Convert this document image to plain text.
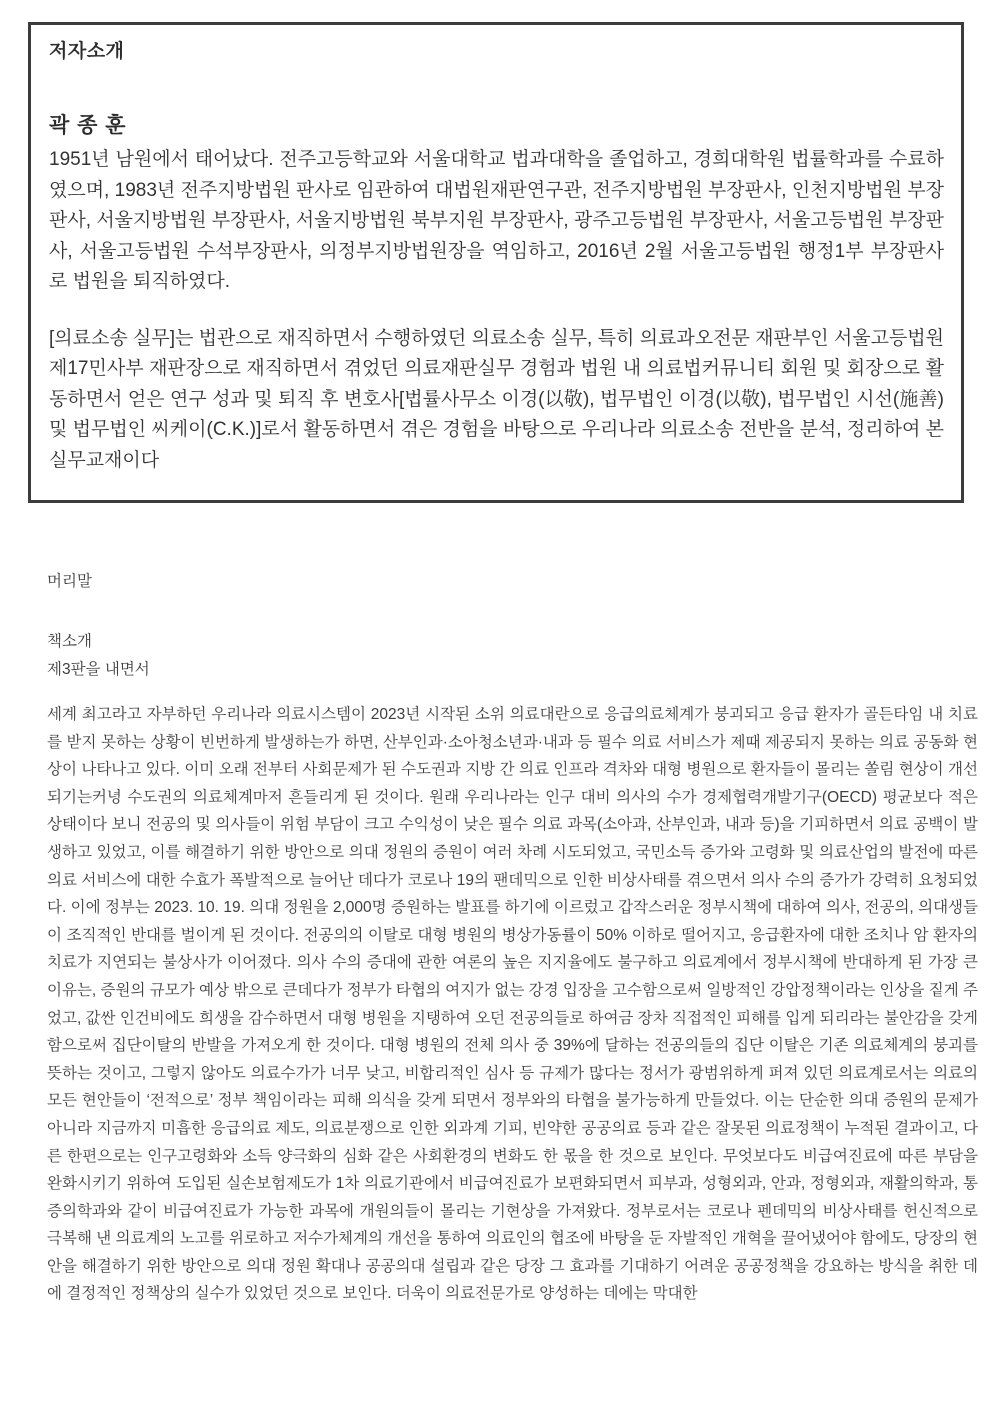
저자소개
곽 종 훈

1951년 남원에서 태어났다. 전주고등학교와 서울대학교 법과대학을 졸업하고, 경희대학원 법률학과를 수료하였으며, 1983년 전주지방법원 판사로 임관하여 대법원재판연구관, 전주지방법원 부장판사, 인천지방법원 부장판사, 서울지방법원 부장판사, 서울지방법원 북부지원 부장판사, 광주고등법원 부장판사, 서울고등법원 부장판사, 서울고등법원 수석부장판사, 의정부지방법원장을 역임하고, 2016년 2월 서울고등법원 행정1부 부장판사로 법원을 퇴직하였다.

[의료소송 실무]는 법관으로 재직하면서 수행하였던 의료소송 실무, 특히 의료과오전문 재판부인 서울고등법원 제17민사부 재판장으로 재직하면서 겪었던 의료재판실무 경험과 법원 내 의료법커뮤니티 회원 및 회장으로 활동하면서 얻은 연구 성과 및 퇴직 후 변호사[법률사무소 이경(以敬), 법무법인 이경(以敬), 법무법인 시선(施善) 및 법무법인 씨케이(C.K.)]로서 활동하면서 겪은 경험을 바탕으로 우리나라 의료소송 전반을 분석, 정리하여 본 실무교재이다

머리말
책소개
제3판을 내면서

세계 최고라고 자부하던 우리나라 의료시스템이 2023년 시작된 소위 의료대란으로 응급의료체계가 붕괴되고 응급 환자가 골든타임 내 치료를 받지 못하는 상황이 빈번하게 발생하는가 하면, 산부인과·소아청소년과·내과 등 필수 의료 서비스가 제때 제공되지 못하는 의료 공동화 현상이 나타나고 있다. 이미 오래 전부터 사회문제가 된 수도권과 지방 간 의료 인프라 격차와 대형 병원으로 환자들이 몰리는 쏠림 현상이 개선되기는커녕 수도권의 의료체계마저 흔들리게 된 것이다. 원래 우리나라는 인구 대비 의사의 수가 경제협력개발기구(OECD) 평균보다 적은 상태이다 보니 전공의 및 의사들이 위험 부담이 크고 수익성이 낮은 필수 의료 과목(소아과, 산부인과, 내과 등)을 기피하면서 의료 공백이 발생하고 있었고, 이를 해결하기 위한 방안으로 의대 정원의 증원이 여러 차례 시도되었고, 국민소득 증가와 고령화 및 의료산업의 발전에 따른 의료 서비스에 대한 수효가 폭발적으로 늘어난 데다가 코로나 19의 팬데믹으로 인한 비상사태를 겪으면서 의사 수의 증가가 강력히 요청되었다. 이에 정부는 2023. 10. 19. 의대 정원을 2,000명 증원하는 발표를 하기에 이르렀고 갑작스러운 정부시책에 대하여 의사, 전공의, 의대생들이 조직적인 반대를 벌이게 된 것이다. 전공의의 이탈로 대형 병원의 병상가동률이 50% 이하로 떨어지고, 응급환자에 대한 조치나 암 환자의 치료가 지연되는 불상사가 이어졌다. 의사 수의 증대에 관한 여론의 높은 지지율에도 불구하고 의료계에서 정부시책에 반대하게 된 가장 큰 이유는, 증원의 규모가 예상 밖으로 큰데다가 정부가 타협의 여지가 없는 강경 입장을 고수함으로써 일방적인 강압정책이라는 인상을 짙게 주었고, 값싼 인건비에도 희생을 감수하면서 대형 병원을 지탱하여 오던 전공의들로 하여금 장차 직접적인 피해를 입게 되리라는 불안감을 갖게 함으로써 집단이탈의 반발을 가져오게 한 것이다. 대형 병원의 전체 의사 중 39%에 달하는 전공의들의 집단 이탈은 기존 의료체계의 붕괴를 뜻하는 것이고, 그렇지 않아도 의료수가가 너무 낮고, 비합리적인 심사 등 규제가 많다는 정서가 광범위하게 퍼져 있던 의료계로서는 의료의 모든 현안들이 ‘전적으로’ 정부 책임이라는 피해 의식을 갖게 되면서 정부와의 타협을 불가능하게 만들었다. 이는 단순한 의대 증원의 문제가 아니라 지금까지 미흡한 응급의료 제도, 의료분쟁으로 인한 외과계 기피, 빈약한 공공의료 등과 같은 잘못된 의료정책이 누적된 결과이고, 다른 한편으로는 인구고령화와 소득 양극화의 심화 같은 사회환경의 변화도 한 몫을 한 것으로 보인다. 무엇보다도 비급여진료에 따른 부담을 완화시키기 위하여 도입된 실손보험제도가 1차 의료기관에서 비급여진료가 보편화되면서 피부과, 성형외과, 안과, 정형외과, 재활의학과, 통증의학과와 같이 비급여진료가 가능한 과목에 개원의들이 몰리는 기현상을 가져왔다. 정부로서는 코로나 펜데믹의 비상사태를 헌신적으로 극복해 낸 의료계의 노고를 위로하고 저수가체계의 개선을 통하여 의료인의 협조에 바탕을 둔 자발적인 개혁을 끌어냈어야 함에도, 당장의 현안을 해결하기 위한 방안으로 의대 정원 확대나 공공의대 설립과 같은 당장 그 효과를 기대하기 어려운 공공정책을 강요하는 방식을 취한 데에 결정적인 정책상의 실수가 있었던 것으로 보인다. 더욱이 의료전문가로 양성하는 데에는 막대한
